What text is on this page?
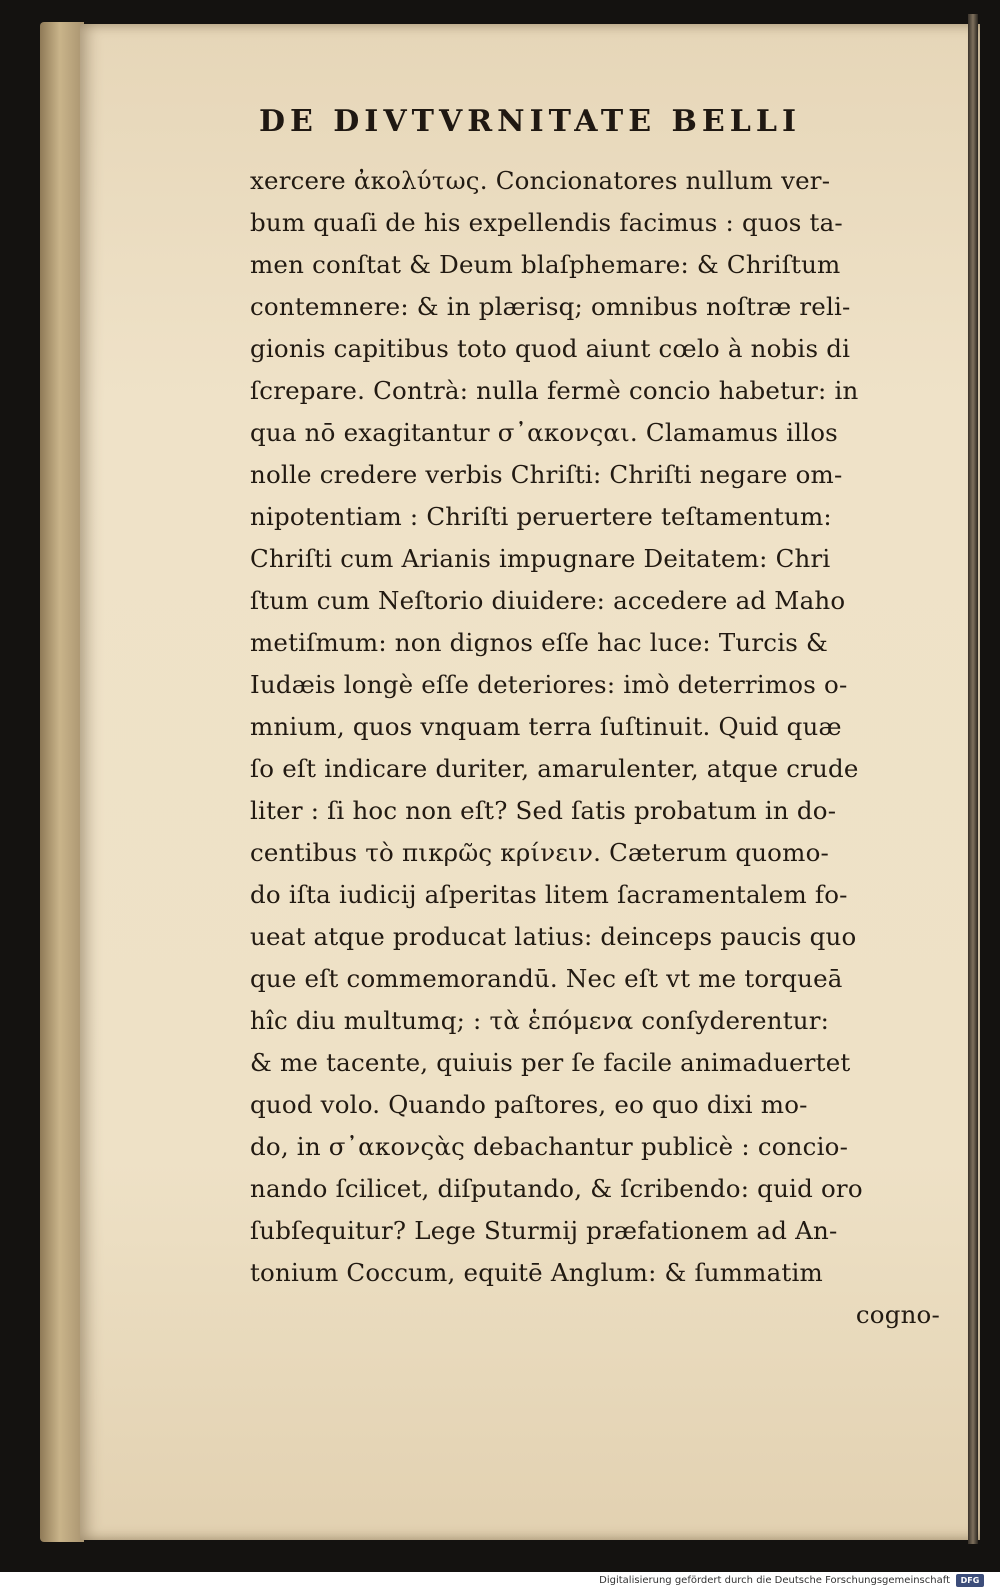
DE DIVTVRNITATE BELLI
xercere ἀκολύτως. Concionatores nullum ver-
bum quaſi de his expellendis facimus : quos ta-
men conſtat & Deum blaſphemare: & Chriſtum
contemnere: & in plærisq; omnibus noſtræ reli-
gionis capitibus toto quod aiunt cœlo à nobis di
ſcrepare. Contrà: nulla fermè concio habetur: in
qua nō exagitantur σ᾽ακονςαι. Clamamus illos
nolle credere verbis Chriſti: Chriſti negare om-
nipotentiam : Chriſti peruertere teſtamentum:
Chriſti cum Arianis impugnare Deitatem: Chri
ſtum cum Neſtorio diuidere: accedere ad Maho
metiſmum: non dignos eſſe hac luce: Turcis &
Iudæis longè eſſe deteriores: imò deterrimos o-
mnium, quos vnquam terra ſuſtinuit. Quid quæ
ſo eſt indicare duriter, amarulenter, atque crude
liter : ſi hoc non eſt? Sed ſatis probatum in do-
centibus τὸ πικρῶς κρίνειν. Cæterum quomo-
do iſta iudicij aſperitas litem ſacramentalem fo-
ueat atque producat latius: deinceps paucis quo
que eſt commemorandū. Nec eſt vt me torqueā
hîc diu multumq; : τὰ ἑπόμενα conſyderentur:
& me tacente, quiuis per ſe facile animaduertet
quod volo. Quando paſtores, eo quo dixi mo-
do, in σ᾽ακονςὰς debachantur publicè : concio-
nando ſcilicet, diſputando, & ſcribendo: quid oro
ſubſequitur? Lege Sturmij præfationem ad An-
tonium Coccum, equitē Anglum: & ſummatim
cogno-
Digitalisierung gefördert durch die Deutsche Forschungsgemeinschaft	DFG
